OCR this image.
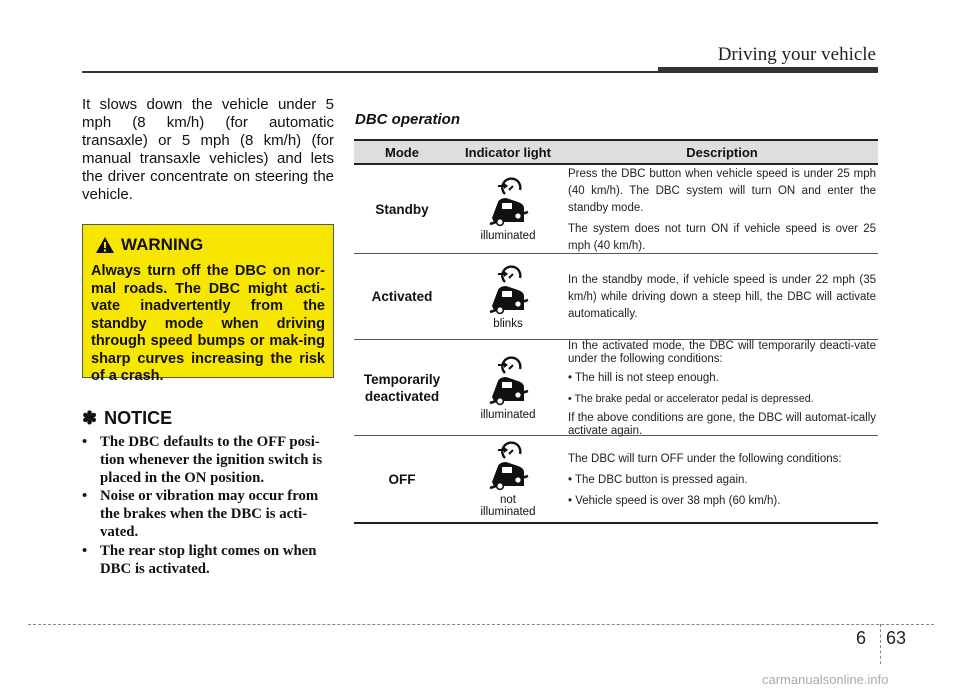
Driving your vehicle

It slows down the vehicle under 5 mph (8 km/h) (for automatic transaxle) or 5 mph (8 km/h) (for manual transaxle vehicles) and lets the driver concentrate on steering the vehicle.

WARNING

Always turn off the DBC on nor-mal roads. The DBC might acti-vate inadvertently from the standby mode when driving through speed bumps or mak-ing sharp curves increasing the risk of a crash.

✽ NOTICE
• The DBC defaults to the OFF posi-tion whenever the ignition switch is placed in the ON position.
• Noise or vibration may occur from the brakes when the DBC is acti-vated.
• The rear stop light comes on when DBC is activated.
DBC operation
Mode	Indicator light	Description
Standby
illuminated

Press the DBC button when vehicle speed is under 25 mph (40 km/h). The DBC system will turn ON and enter the standby mode.

The system does not turn ON if vehicle speed is over 25 mph (40 km/h).

Activated
blinks

In the standby mode, if vehicle speed is under 22 mph (35 km/h) while driving down a steep hill, the DBC will activate automatically.

Temporarily deactivated
illuminated

In the activated mode, the DBC will temporarily deacti-vate under the following conditions:

• The hill is not steep enough.

• The brake pedal or accelerator pedal is depressed.

If the above conditions are gone, the DBC will automat-ically activate again.

OFF
not illuminated

The DBC will turn OFF under the following conditions:

• The DBC button is pressed again.

• Vehicle speed is over 38 mph (60 km/h).

6 63
carmanualsonline.info
